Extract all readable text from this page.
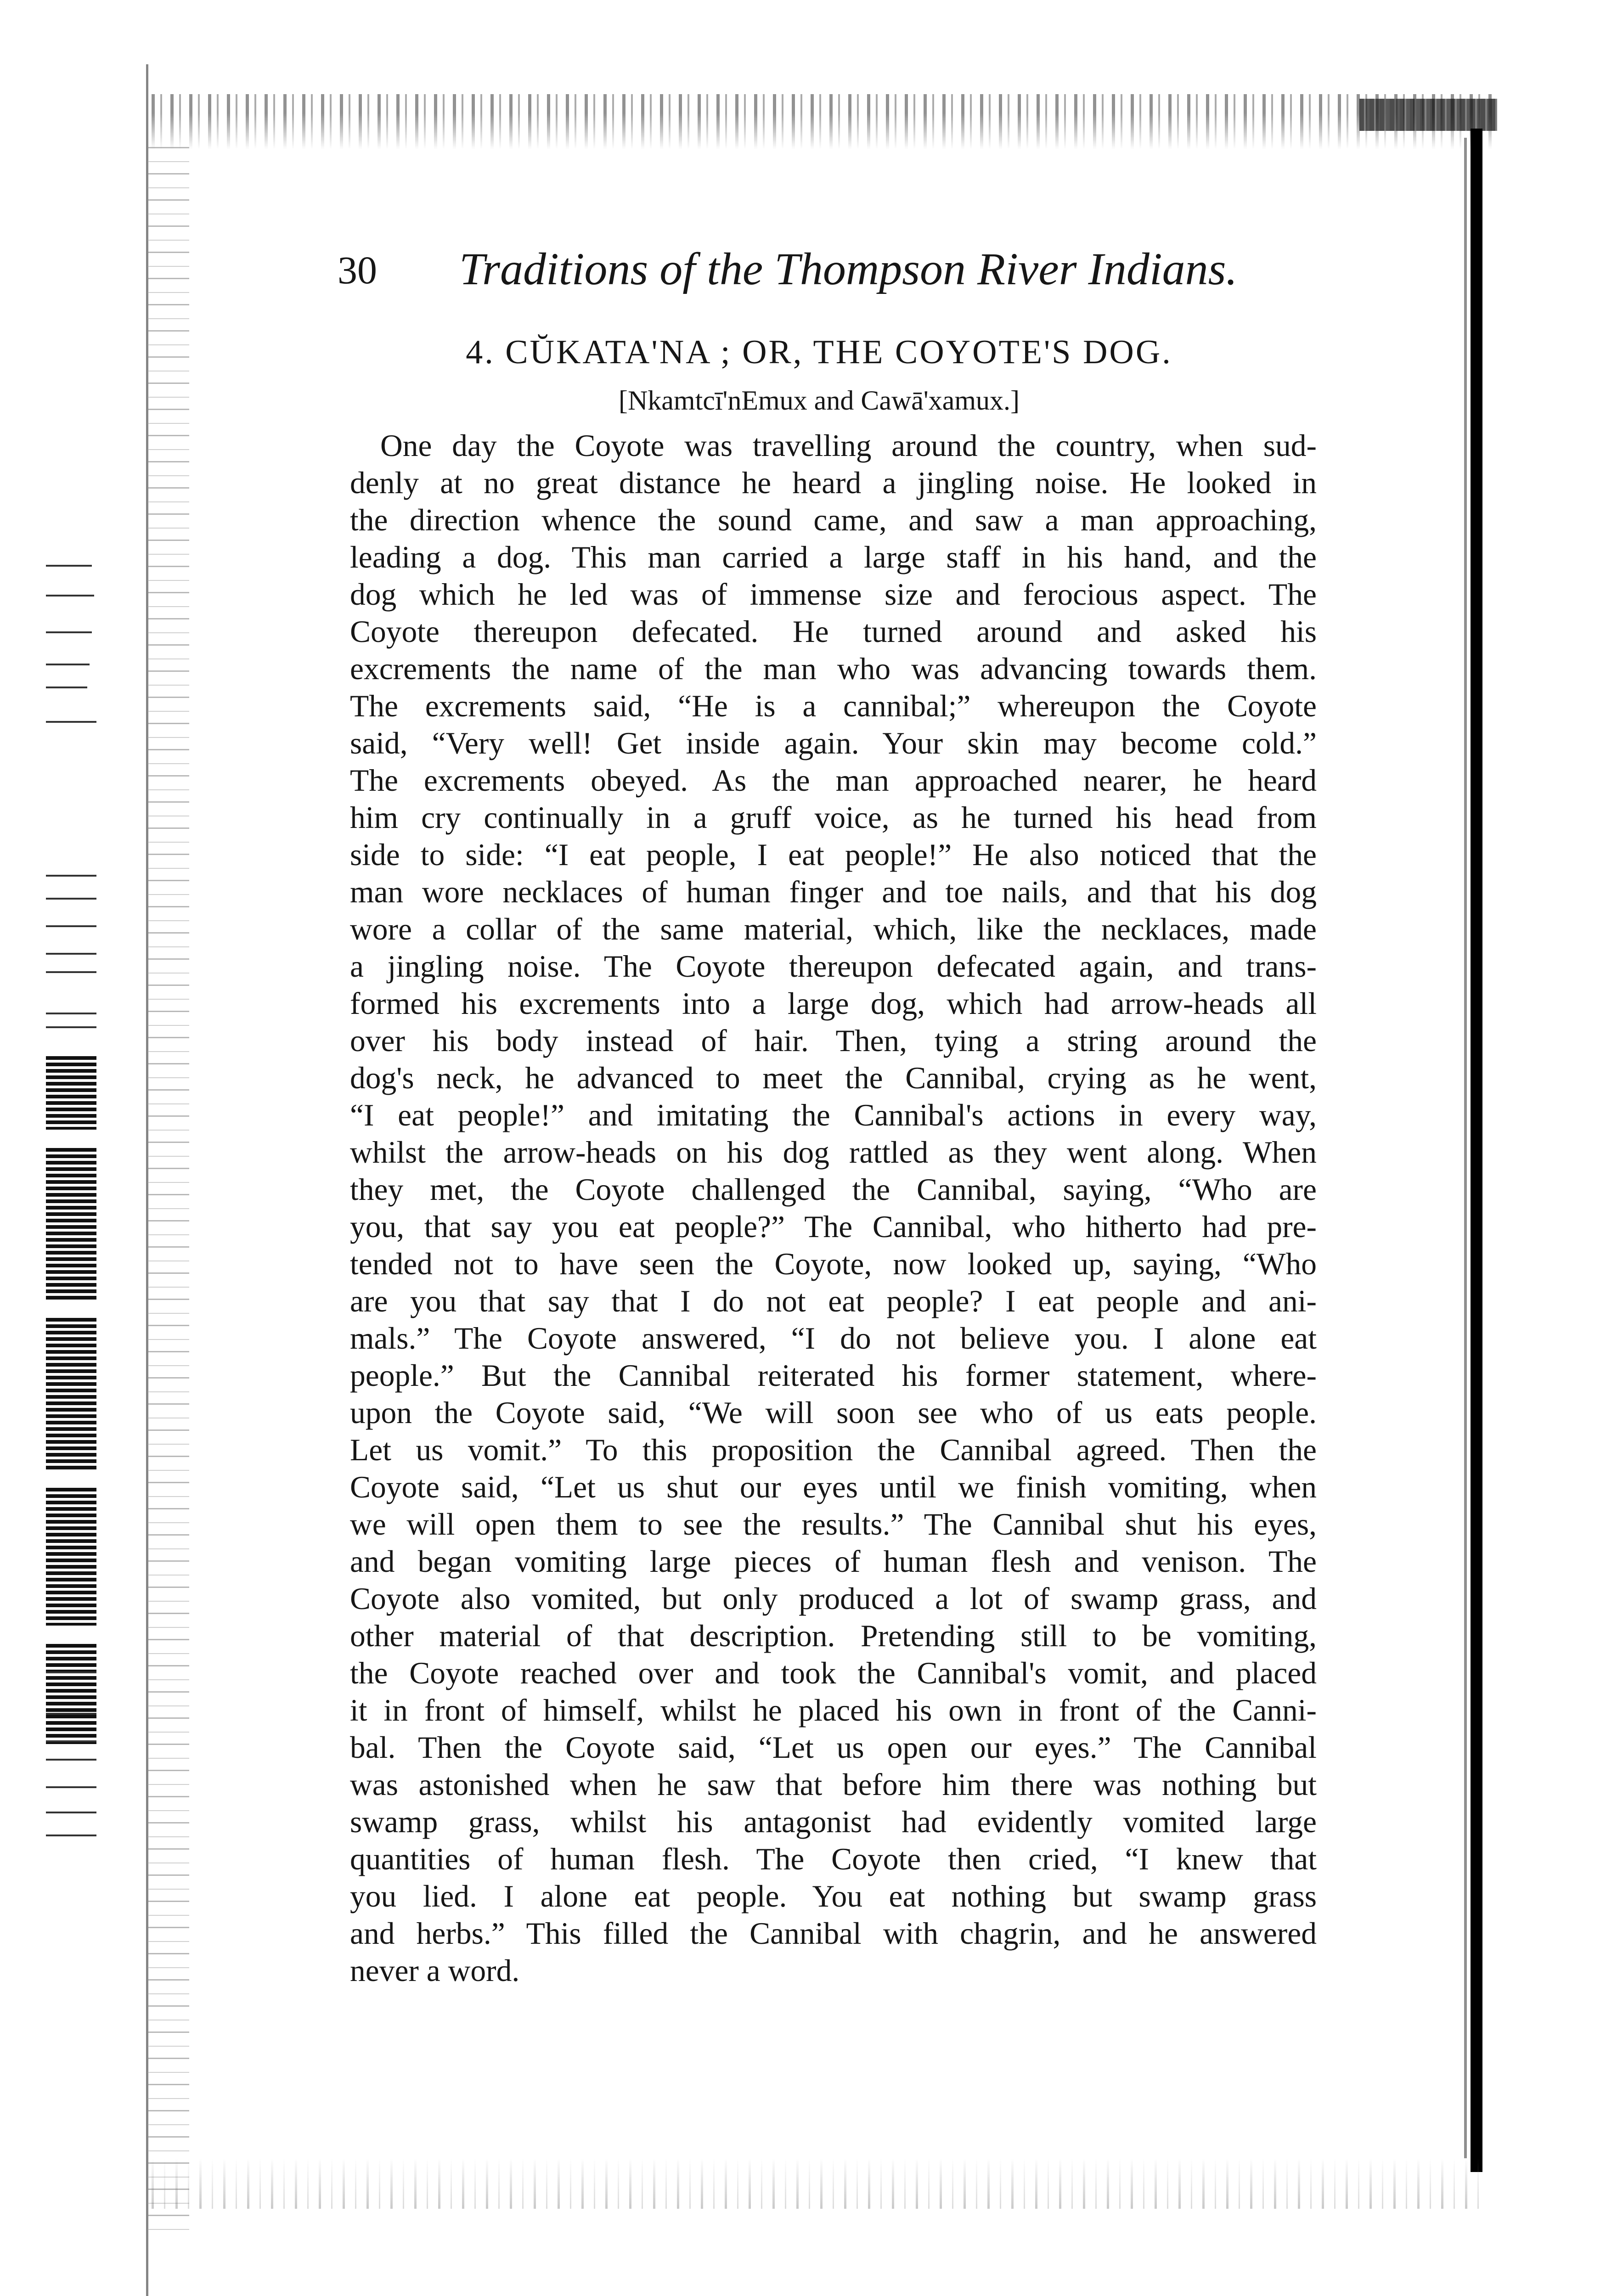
30 Traditions of the Thompson River Indians.
4. CŬKATA'NA ; OR, THE COYOTE'S DOG.
[Nkamtcī'nEmux and Cawā'xamux.]
One day the Coyote was travelling around the country, when sud-
denly at no great distance he heard a jingling noise. He looked in
the direction whence the sound came, and saw a man approaching,
leading a dog. This man carried a large staff in his hand, and the
dog which he led was of immense size and ferocious aspect. The
Coyote thereupon defecated. He turned around and asked his
excrements the name of the man who was advancing towards them.
The excrements said, “He is a cannibal;” whereupon the Coyote
said, “Very well! Get inside again. Your skin may become cold.”
The excrements obeyed. As the man approached nearer, he heard
him cry continually in a gruff voice, as he turned his head from
side to side: “I eat people, I eat people!” He also noticed that the
man wore necklaces of human finger and toe nails, and that his dog
wore a collar of the same material, which, like the necklaces, made
a jingling noise. The Coyote thereupon defecated again, and trans-
formed his excrements into a large dog, which had arrow-heads all
over his body instead of hair. Then, tying a string around the
dog's neck, he advanced to meet the Cannibal, crying as he went,
“I eat people!” and imitating the Cannibal's actions in every way,
whilst the arrow-heads on his dog rattled as they went along. When
they met, the Coyote challenged the Cannibal, saying, “Who are
you, that say you eat people?” The Cannibal, who hitherto had pre-
tended not to have seen the Coyote, now looked up, saying, “Who
are you that say that I do not eat people? I eat people and ani-
mals.” The Coyote answered, “I do not believe you. I alone eat
people.” But the Cannibal reiterated his former statement, where-
upon the Coyote said, “We will soon see who of us eats people.
Let us vomit.” To this proposition the Cannibal agreed. Then the
Coyote said, “Let us shut our eyes until we finish vomiting, when
we will open them to see the results.” The Cannibal shut his eyes,
and began vomiting large pieces of human flesh and venison. The
Coyote also vomited, but only produced a lot of swamp grass, and
other material of that description. Pretending still to be vomiting,
the Coyote reached over and took the Cannibal's vomit, and placed
it in front of himself, whilst he placed his own in front of the Canni-
bal. Then the Coyote said, “Let us open our eyes.” The Cannibal
was astonished when he saw that before him there was nothing but
swamp grass, whilst his antagonist had evidently vomited large
quantities of human flesh. The Coyote then cried, “I knew that
you lied. I alone eat people. You eat nothing but swamp grass
and herbs.” This filled the Cannibal with chagrin, and he answered
never a word.
